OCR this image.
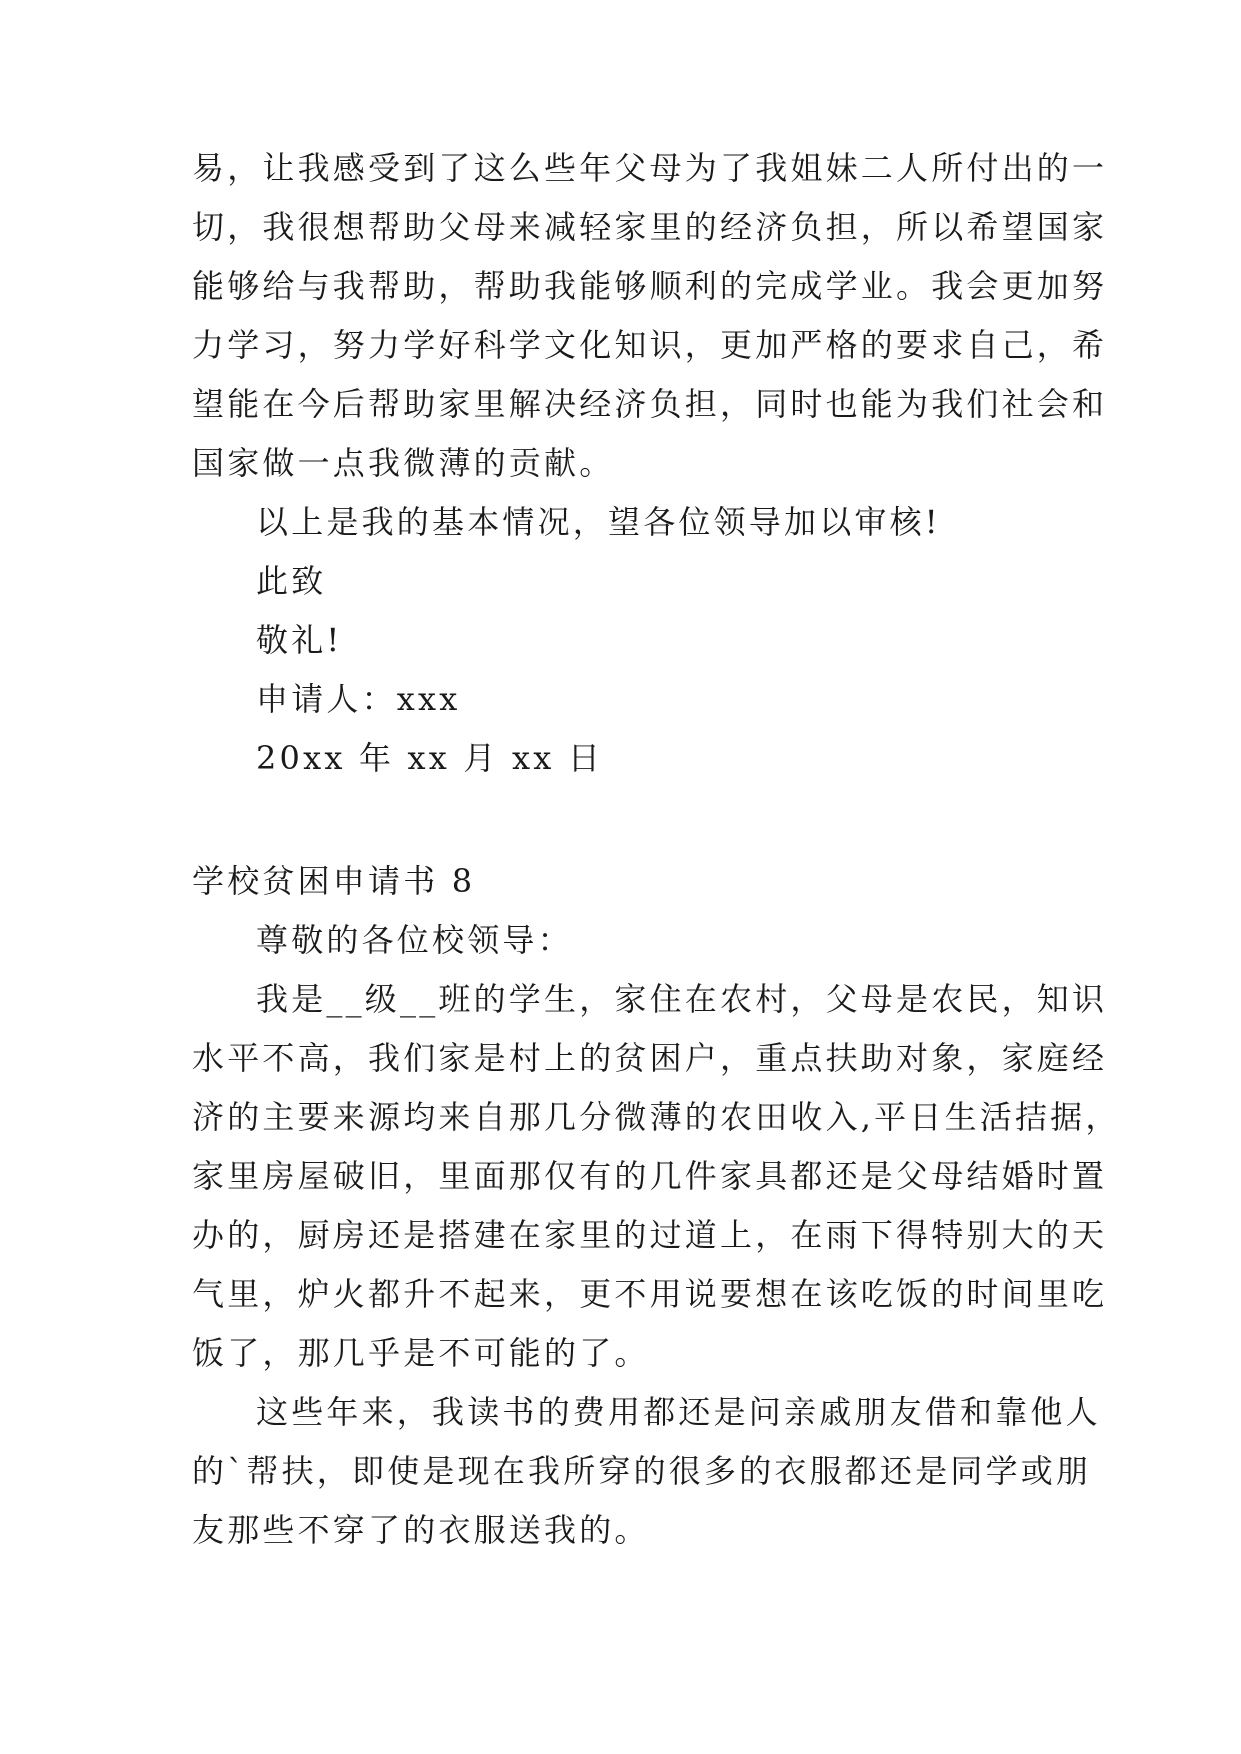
易，让我感受到了这么些年父母为了我姐妹二人所付出的一
切，我很想帮助父母来减轻家里的经济负担，所以希望国家
能够给与我帮助，帮助我能够顺利的完成学业。我会更加努
力学习，努力学好科学文化知识，更加严格的要求自己，希
望能在今后帮助家里解决经济负担，同时也能为我们社会和
国家做一点我微薄的贡献。
以上是我的基本情况，望各位领导加以审核!
此致
敬礼!
申请人：xxx
20xx 年 xx 月 xx 日
学校贫困申请书 8
尊敬的各位校领导：
我是__级__班的学生，家住在农村，父母是农民，知识
水平不高，我们家是村上的贫困户，重点扶助对象，家庭经
济的主要来源均来自那几分微薄的农田收入,平日生活拮据，
家里房屋破旧，里面那仅有的几件家具都还是父母结婚时置
办的，厨房还是搭建在家里的过道上，在雨下得特别大的天
气里，炉火都升不起来，更不用说要想在该吃饭的时间里吃
饭了，那几乎是不可能的了。
这些年来，我读书的费用都还是问亲戚朋友借和靠他人
的`帮扶，即使是现在我所穿的很多的衣服都还是同学或朋
友那些不穿了的衣服送我的。
